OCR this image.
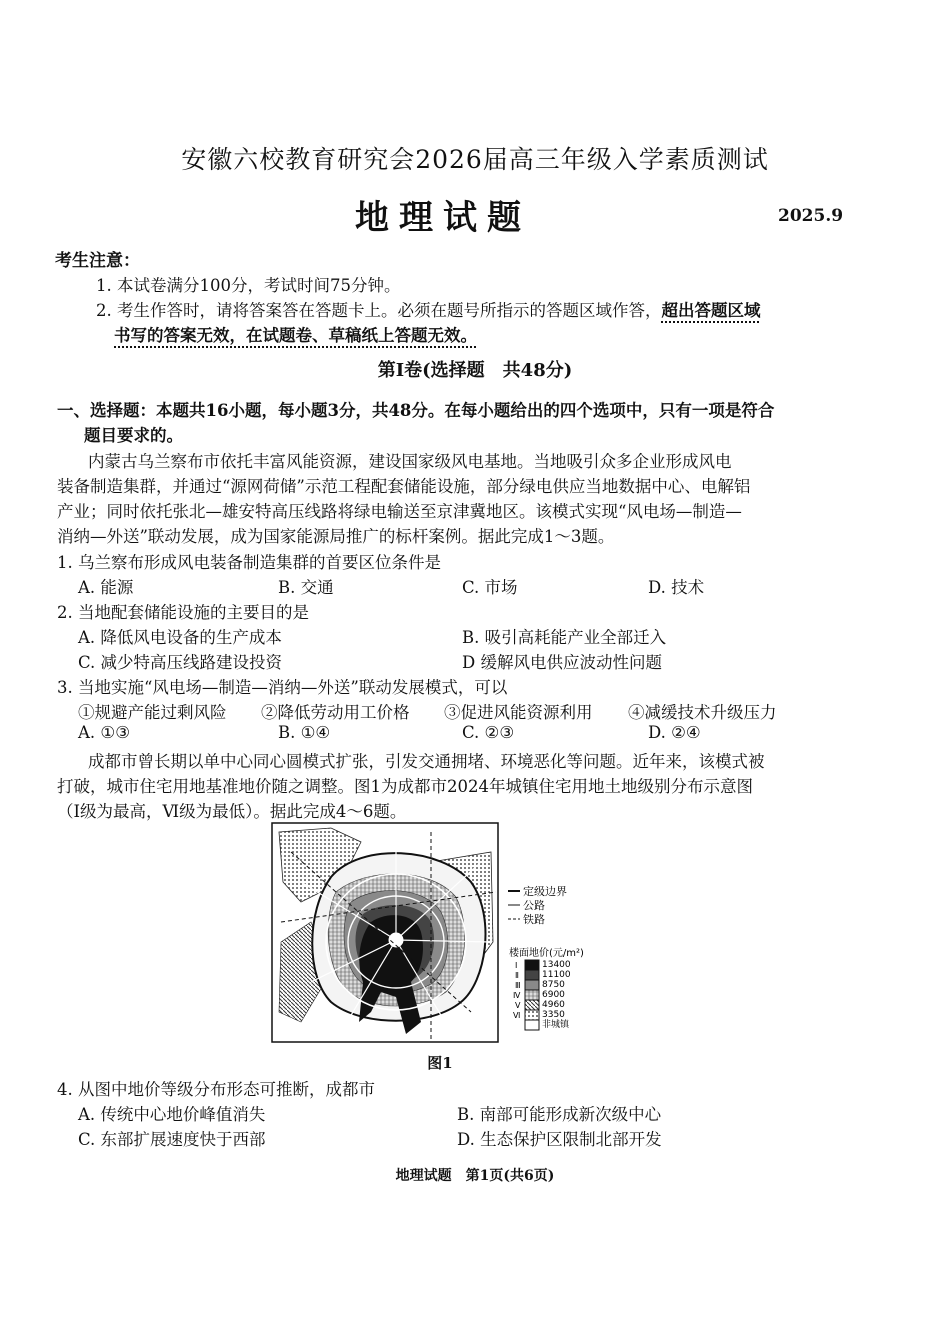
安徽六校教育研究会2026届高三年级入学素质测试
地理试题	2025.9
考生注意：
1. 本试卷满分100分，考试时间75分钟。
2. 考生作答时，请将答案答在答题卡上。必须在题号所指示的答题区域作答，超出答题区域
书写的答案无效，在试题卷、草稿纸上答题无效。
第Ⅰ卷(选择题　共48分)
一、选择题：本题共16小题，每小题3分，共48分。在每小题给出的四个选项中，只有一项是符合
题目要求的。
内蒙古乌兰察布市依托丰富风能资源，建设国家级风电基地。当地吸引众多企业形成风电
装备制造集群，并通过“源网荷储”示范工程配套储能设施，部分绿电供应当地数据中心、电解铝
产业；同时依托张北—雄安特高压线路将绿电输送至京津冀地区。该模式实现“风电场—制造—
消纳—外送”联动发展，成为国家能源局推广的标杆案例。据此完成1～3题。
1. 乌兰察布形成风电装备制造集群的首要区位条件是
A. 能源	B. 交通	C. 市场	D. 技术
2. 当地配套储能设施的主要目的是
A. 降低风电设备的生产成本	B. 吸引高耗能产业全部迁入
C. 减少特高压线路建设投资	D 缓解风电供应波动性问题
3. 当地实施“风电场—制造—消纳—外送”联动发展模式，可以
①规避产能过剩风险 ②降低劳动用工价格 ③促进风能资源利用 ④减缓技术升级压力
A. ①③	B. ①④	C. ②③	D. ②④
成都市曾长期以单中心同心圆模式扩张，引发交通拥堵、环境恶化等问题。近年来，该模式被
打破，城市住宅用地基准地价随之调整。图1为成都市2024年城镇住宅用地土地级别分布示意图
（Ⅰ级为最高，Ⅵ级为最低）。据此完成4～6题。
定级边界
公路
铁路
楼面地价(元/m²)
Ⅰ
Ⅱ
Ⅲ
Ⅳ
Ⅴ
Ⅵ
13400
11100
8750
6900
4960
3350
非城镇
图1
4. 从图中地价等级分布形态可推断，成都市
A. 传统中心地价峰值消失	B. 南部可能形成新次级中心
C. 东部扩展速度快于西部	D. 生态保护区限制北部开发
地理试题　第1页(共6页)
